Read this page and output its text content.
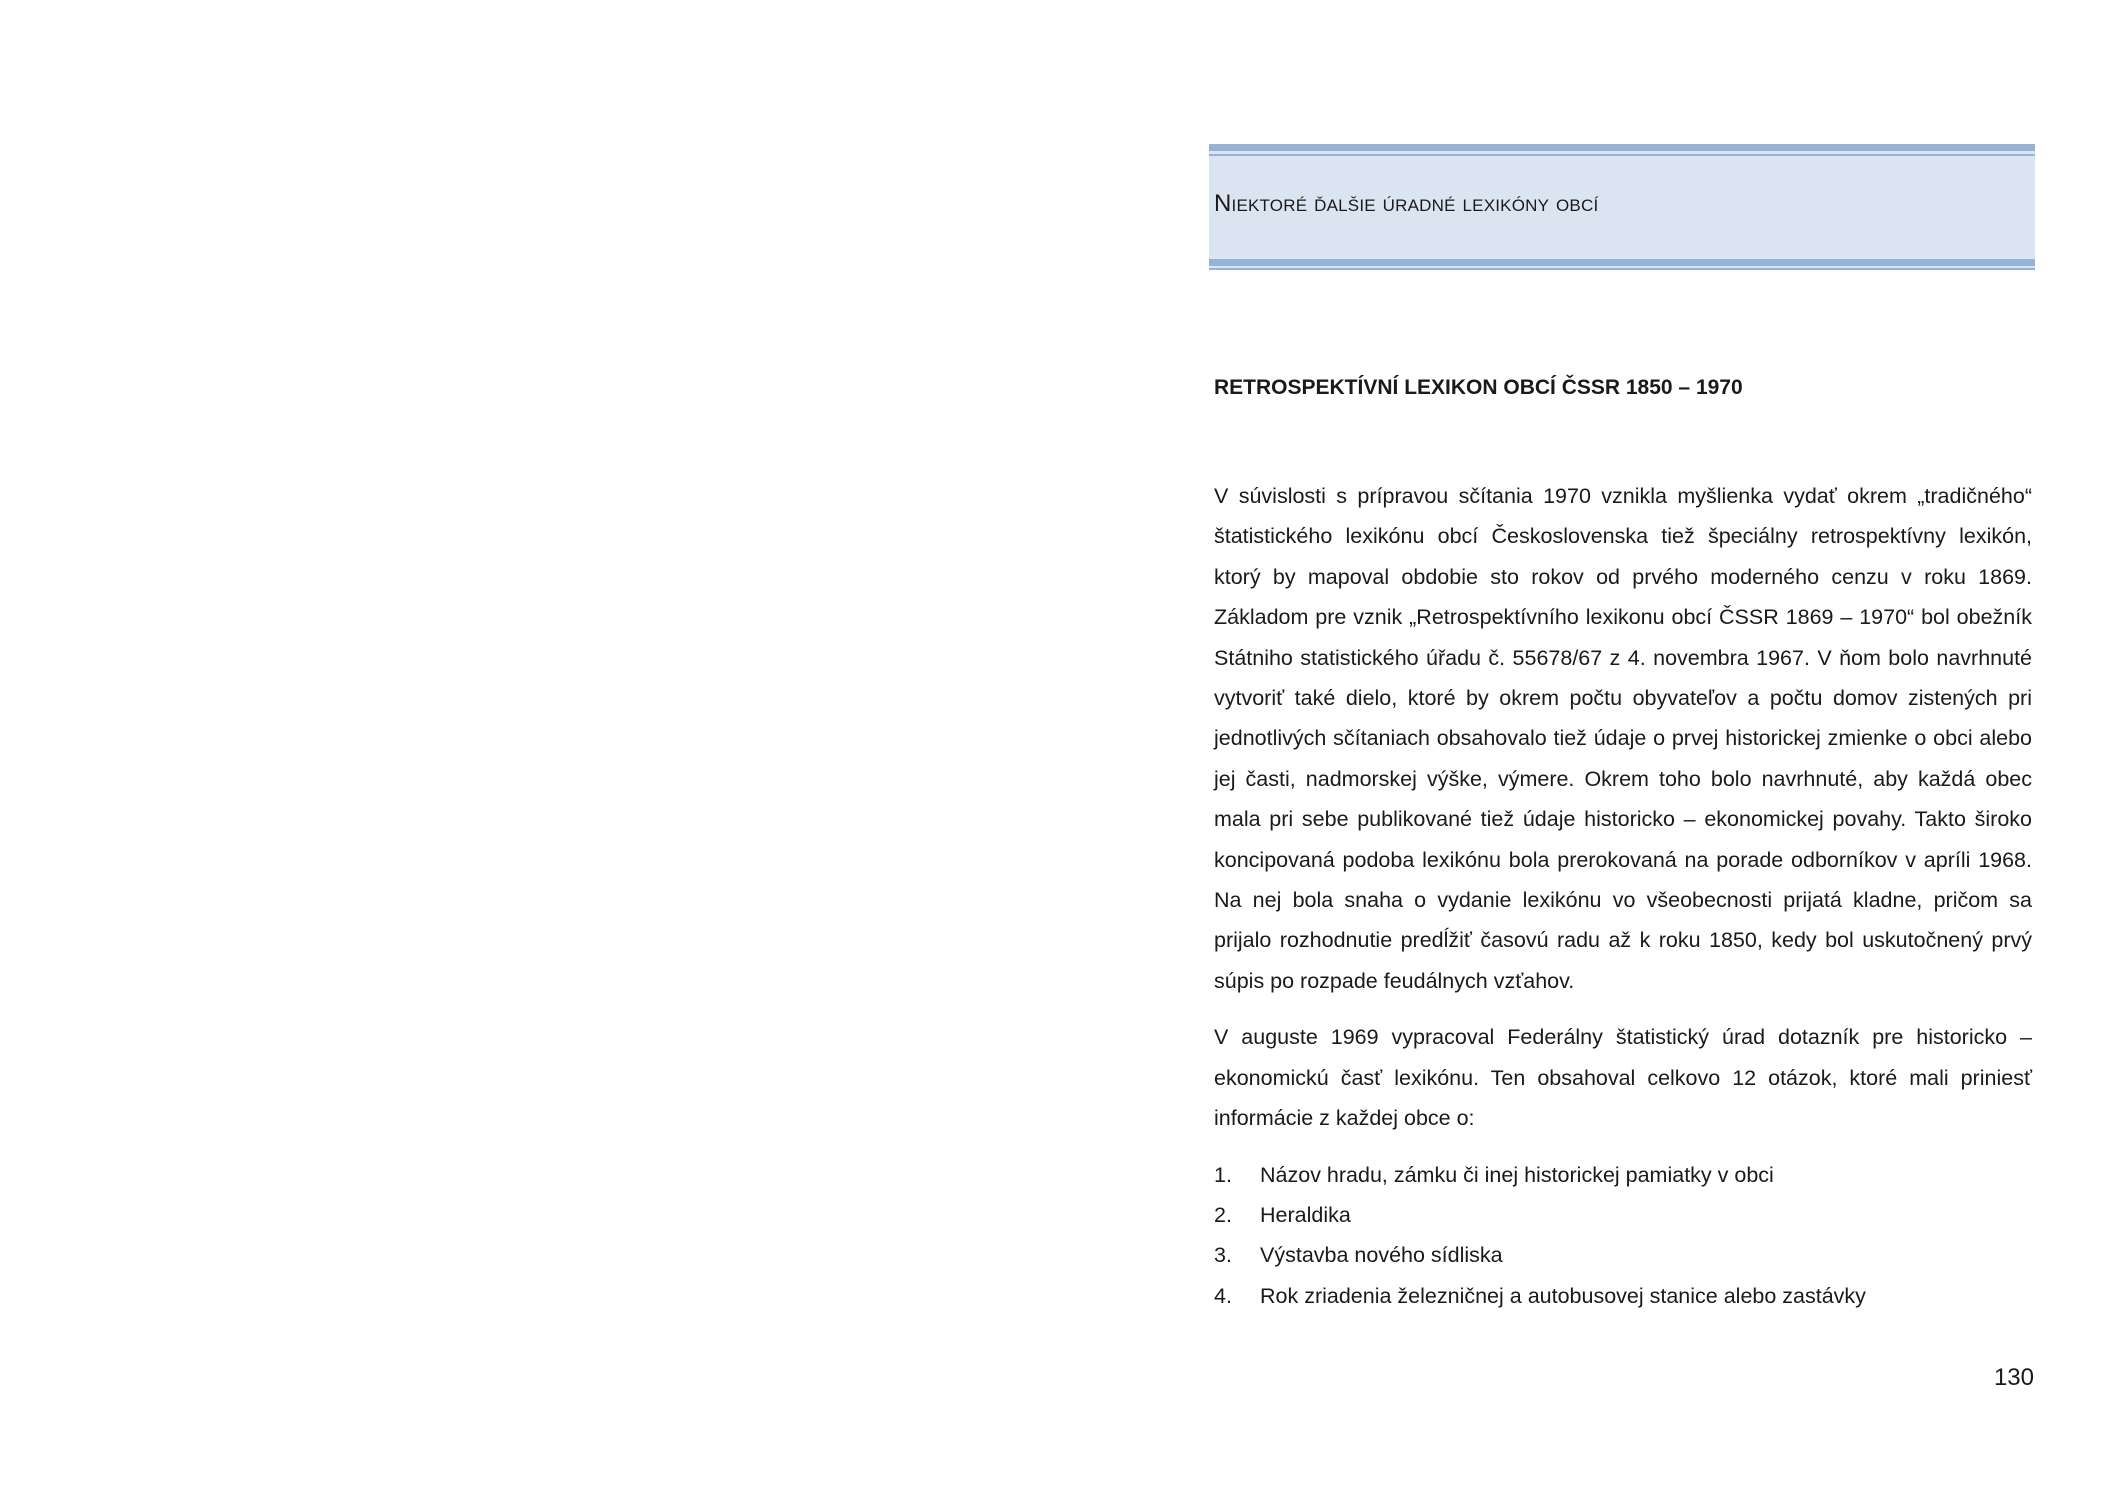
Niektoré ďalšie úradné lexikóny obcí
RETROSPEKTÍVNÍ LEXIKON OBCÍ ČSSR 1850 – 1970

V súvislosti s prípravou sčítania 1970 vznikla myšlienka vydať okrem „tradičného“ štatistického lexikónu obcí Československa tiež špeciálny retrospektívny lexikón, ktorý by mapoval obdobie sto rokov od prvého moderného cenzu v roku 1869. Základom pre vznik „Retrospektívního lexikonu obcí ČSSR 1869 – 1970“ bol obežník Státniho statistického úřadu č. 55678/67 z 4. novembra 1967. V ňom bolo navrhnuté vytvoriť také dielo, ktoré by okrem počtu obyvateľov a počtu domov zistených pri jednotlivých sčítaniach obsahovalo tiež údaje o prvej historickej zmienke o obci alebo jej časti, nadmorskej výške, výmere. Okrem toho bolo navrhnuté, aby každá obec mala pri sebe publikované tiež údaje historicko – ekonomickej povahy. Takto široko koncipovaná podoba lexikónu bola prerokovaná na porade odborníkov v apríli 1968. Na nej bola snaha o vydanie lexikónu vo všeobecnosti prijatá kladne, pričom sa prijalo rozhodnutie predĺžiť časovú radu až k roku 1850, kedy bol uskutočnený prvý súpis po rozpade feudálnych vzťahov.

V auguste 1969 vypracoval Federálny štatistický úrad dotazník pre historicko – ekonomickú časť lexikónu. Ten obsahoval celkovo 12 otázok, ktoré mali priniesť informácie z každej obce o:

1.	Názov hradu, zámku či inej historickej pamiatky v obci
2.	Heraldika
3.	Výstavba nového sídliska
4.	Rok zriadenia železničnej a autobusovej stanice alebo zastávky
130
